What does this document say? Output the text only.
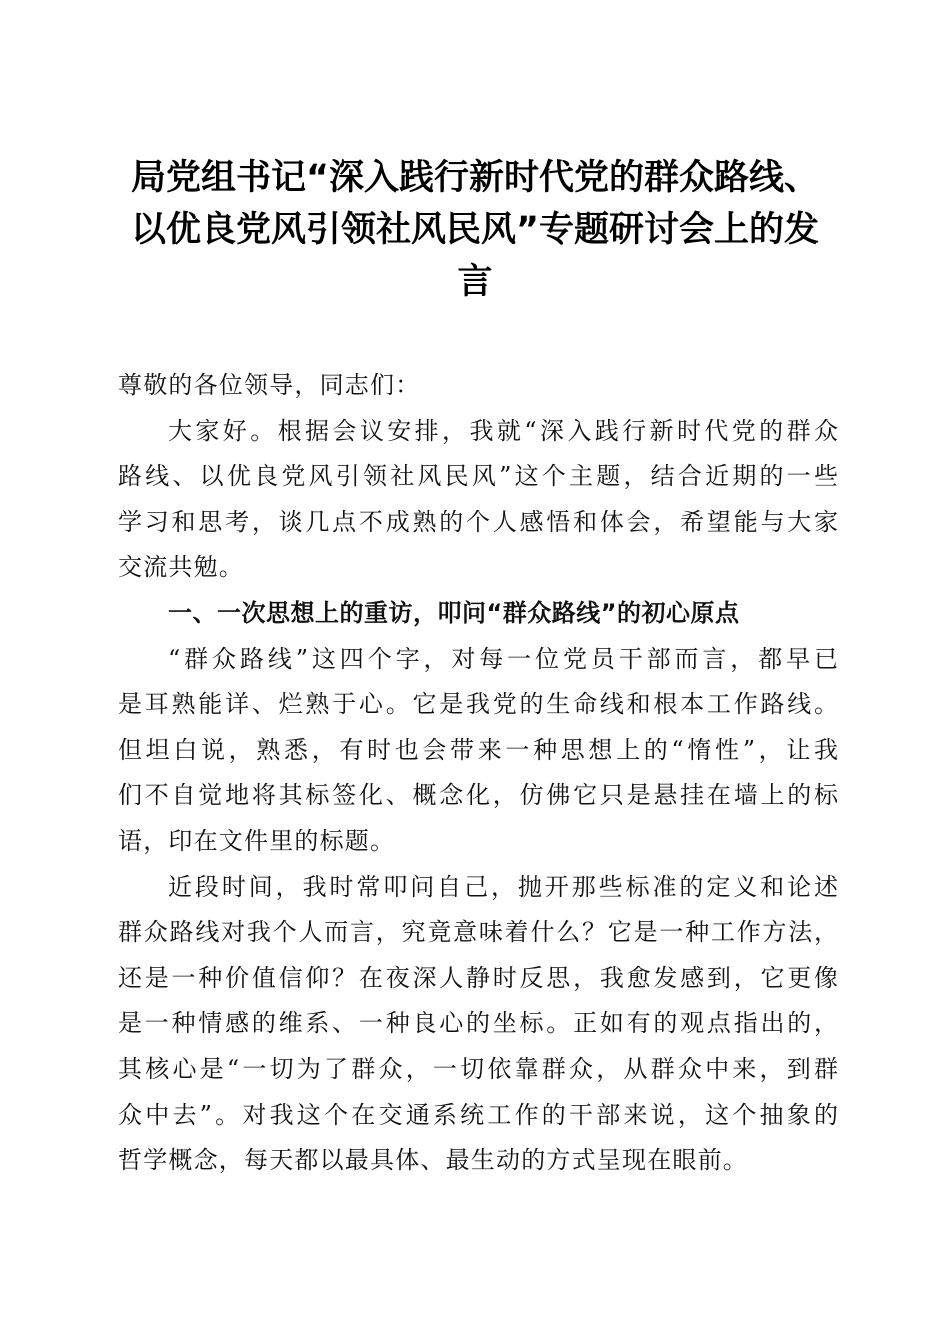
局党组书记“深入践行新时代党的群众路线、
以优良党风引领社风民风”专题研讨会上的发
言
尊敬的各位领导，同志们：
大家好。根据会议安排，我就“深入践行新时代党的群众
路线、以优良党风引领社风民风”这个主题，结合近期的一些
学习和思考，谈几点不成熟的个人感悟和体会，希望能与大家
交流共勉。
一、一次思想上的重访，叩问“群众路线”的初心原点
“群众路线”这四个字，对每一位党员干部而言，都早已
是耳熟能详、烂熟于心。它是我党的生命线和根本工作路线。
但坦白说，熟悉，有时也会带来一种思想上的“惰性”，让我
们不自觉地将其标签化、概念化，仿佛它只是悬挂在墙上的标
语，印在文件里的标题。
近段时间，我时常叩问自己，抛开那些标准的定义和论述
群众路线对我个人而言，究竟意味着什么？它是一种工作方法，
还是一种价值信仰？在夜深人静时反思，我愈发感到，它更像
是一种情感的维系、一种良心的坐标。正如有的观点指出的，
其核心是“一切为了群众，一切依靠群众，从群众中来，到群
众中去”。对我这个在交通系统工作的干部来说，这个抽象的
哲学概念，每天都以最具体、最生动的方式呈现在眼前。
